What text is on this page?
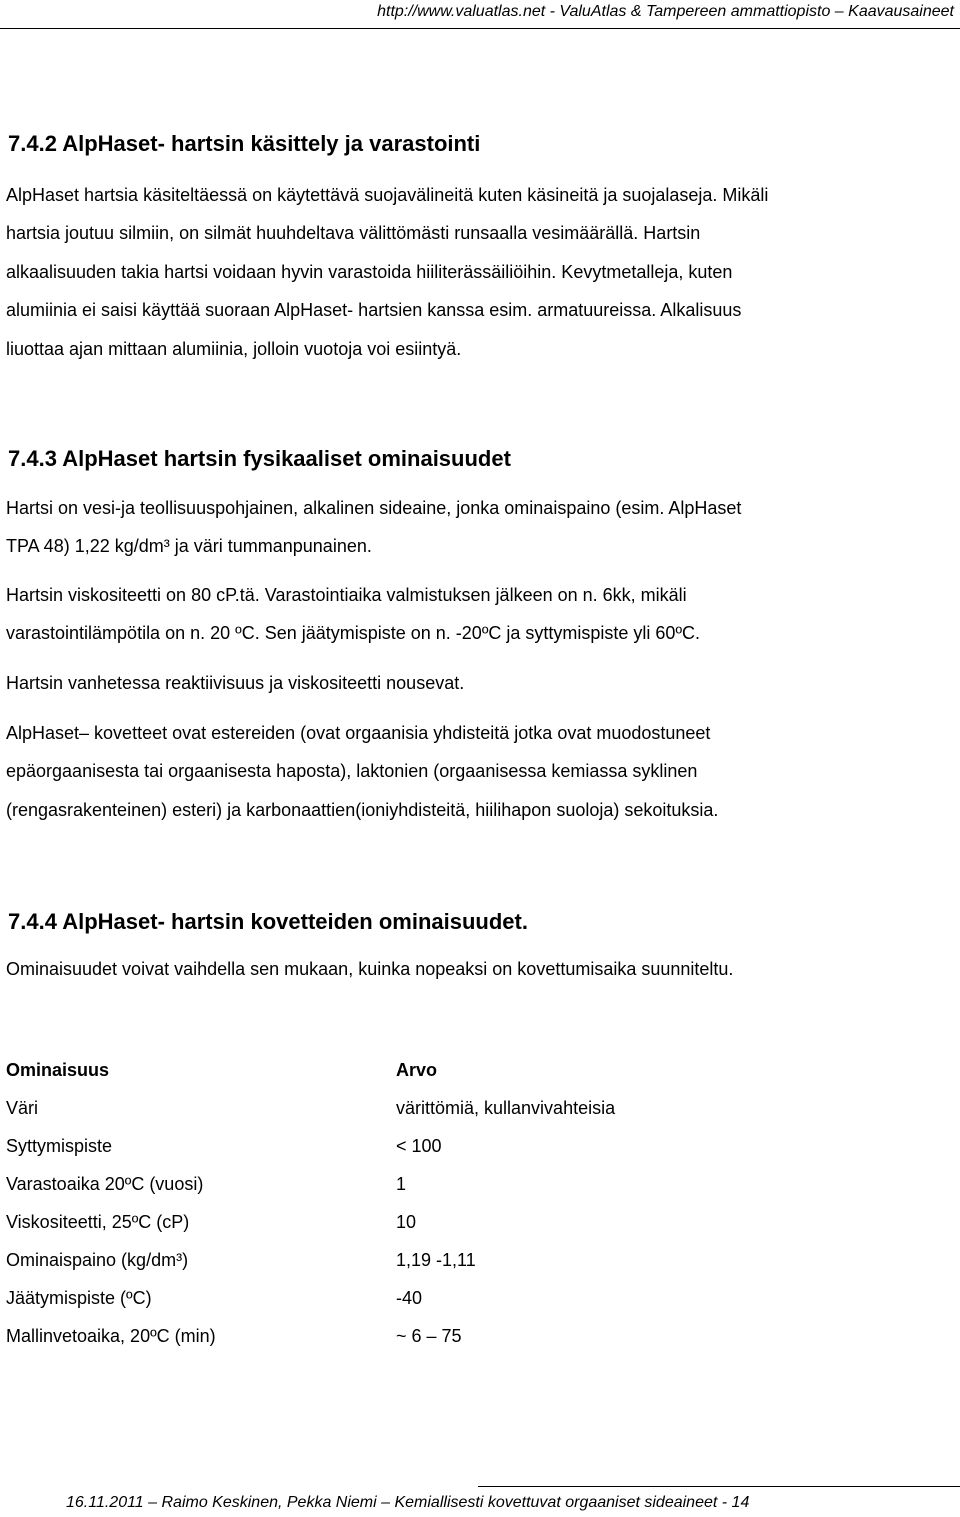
http://www.valuatlas.net - ValuAtlas & Tampereen ammattiopisto – Kaavausaineet
7.4.2 AlpHaset- hartsin käsittely ja varastointi
AlpHaset hartsia käsiteltäessä on käytettävä suojavälineitä kuten käsineitä ja suojalaseja. Mikäli
hartsia joutuu silmiin, on silmät huuhdeltava välittömästi runsaalla vesimäärällä. Hartsin
alkaalisuuden takia hartsi voidaan hyvin varastoida hiiliterässäiliöihin. Kevytmetalleja, kuten
alumiinia ei saisi käyttää suoraan AlpHaset- hartsien kanssa esim. armatuureissa. Alkalisuus
liuottaa ajan mittaan alumiinia, jolloin vuotoja voi esiintyä.
7.4.3 AlpHaset hartsin fysikaaliset ominaisuudet
Hartsi on vesi-ja teollisuuspohjainen, alkalinen sideaine, jonka ominaispaino (esim. AlpHaset
TPA 48) 1,22 kg/dm³ ja väri tummanpunainen.
Hartsin viskositeetti on 80 cP.tä. Varastointiaika valmistuksen jälkeen on n. 6kk, mikäli
varastointilämpötila on n. 20 ºC. Sen jäätymispiste on n. -20ºC ja syttymispiste yli 60ºC.
Hartsin vanhetessa reaktiivisuus ja viskositeetti nousevat.
AlpHaset– kovetteet ovat estereiden (ovat orgaanisia yhdisteitä jotka ovat muodostuneet
epäorgaanisesta tai orgaanisesta haposta), laktonien (orgaanisessa kemiassa syklinen
(rengasrakenteinen) esteri) ja karbonaattien(ioniyhdisteitä, hiilihapon suoloja) sekoituksia.
7.4.4 AlpHaset- hartsin kovetteiden ominaisuudet.
Ominaisuudet voivat vaihdella sen mukaan, kuinka nopeaksi on kovettumisaika suunniteltu.
Ominaisuus	Arvo
Väri	värittömiä, kullanvivahteisia
Syttymispiste	< 100
Varastoaika 20ºC (vuosi)	1
Viskositeetti, 25ºC (cP)	10
Ominaispaino (kg/dm³)	1,19 -1,11
Jäätymispiste (ºC)	-40
Mallinvetoaika, 20ºC (min)	~ 6 – 75
16.11.2011 – Raimo Keskinen, Pekka Niemi – Kemiallisesti kovettuvat orgaaniset sideaineet - 14
